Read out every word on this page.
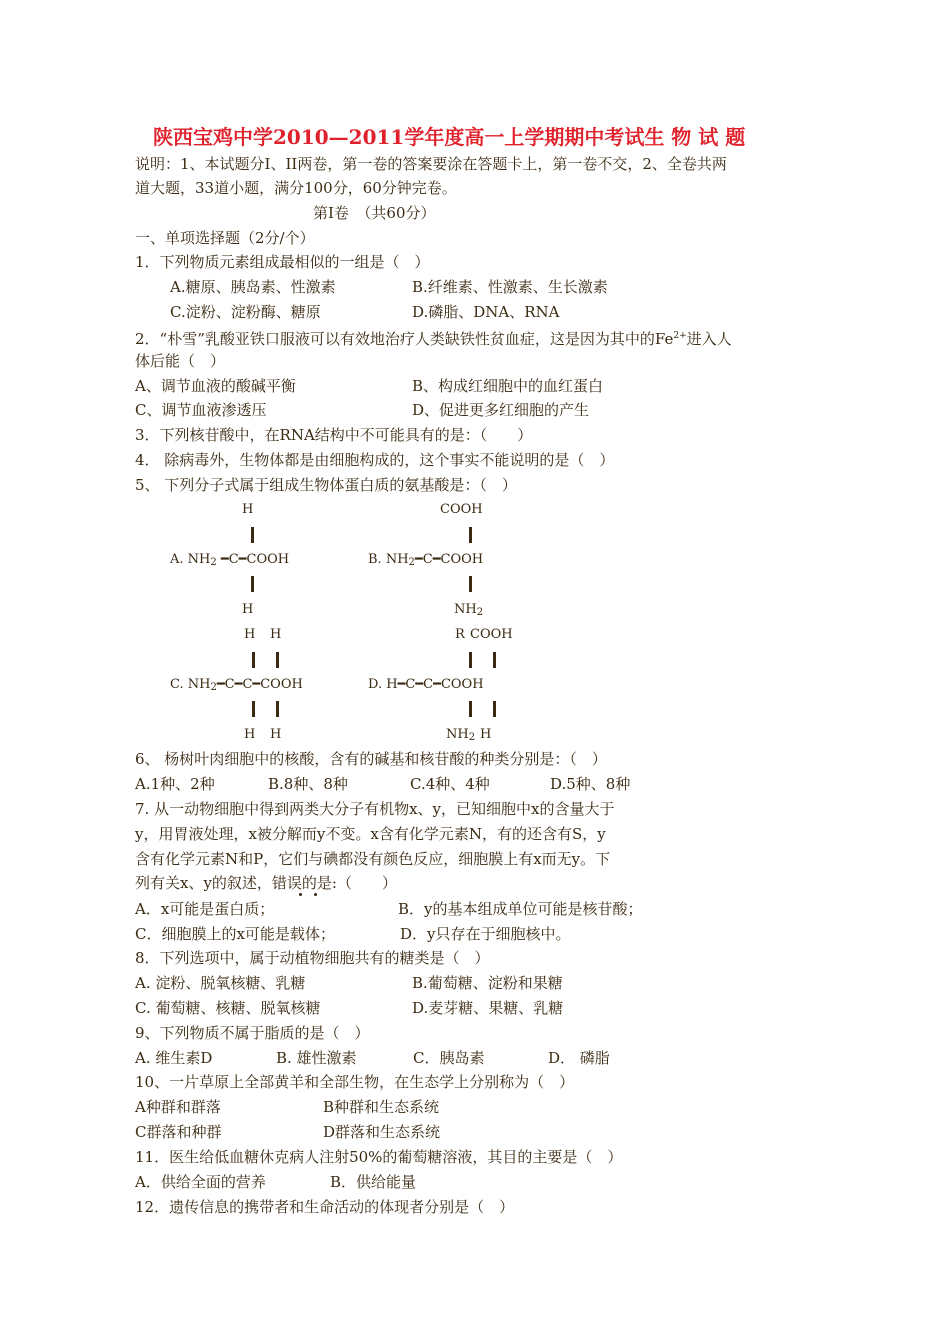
陕西宝鸡中学2010—2011学年度高一上学期期中考试生 物 试 题
说明：1、本试题分I、II两卷，第一卷的答案要涂在答题卡上，第一卷不交，2、全卷共两
道大题，33道小题，满分100分，60分钟完卷。
第I卷　（共60分）
一、单项选择题（2分/个）
1．下列物质元素组成最相似的一组是（　）
A.糖原、胰岛素、性激素	B.纤维素、性激素、生长激素
C.淀粉、淀粉酶、糖原	D.磷脂、DNA、RNA
2．“朴雪”乳酸亚铁口服液可以有效地治疗人类缺铁性贫血症，这是因为其中的$Fe^{2+}$进入人
体后能（　）
A、调节血液的酸碱平衡	B、构成红细胞中的血红蛋白
C、调节血液渗透压	D、促进更多红细胞的产生
3．下列核苷酸中，在RNA结构中不可能具有的是：（　　）
4． 除病毒外，生物体都是由细胞构成的，这个事实不能说明的是（　）
5、 下列分子式属于组成生物体蛋白质的氨基酸是：（　）
H
A. $NH_2$ ━C━COOH
H
COOH
B. $NH_2━C━COOH$
$NH_2$
H H
C. $NH_2━C━C━COOH$
H H
R COOH
D. H━C━C━COOH
$NH_2$ H
6、 杨树叶肉细胞中的核酸，含有的碱基和核苷酸的种类分别是：（　）
A.1种、2种	B.8种、8种	C.4种、4种	D.5种、8种
7. 从一动物细胞中得到两类大分子有机物x、y，已知细胞中x的含量大于
y，用胃液处理，x被分解而y不变。x含有化学元素N，有的还含有S，y
含有化学元素N和P，它们与碘都没有颜色反应，细胞膜上有x而无y。下
列有关x、y的叙述，错误的是:（　　）
A．x可能是蛋白质；	B．y的基本组成单位可能是核苷酸；
C．细胞膜上的x可能是载体；	D．y只存在于细胞核中。
8．下列选项中，属于动植物细胞共有的糖类是（　）
A. 淀粉、脱氧核糖、乳糖	B.葡萄糖、淀粉和果糖
C. 葡萄糖、核糖、脱氧核糖	D.麦芽糖、果糖、乳糖
9、下列物质不属于脂质的是（　）
A. 维生素D	B. 雄性激素	C．胰岛素	D． 磷脂
10、一片草原上全部黄羊和全部生物，在生态学上分别称为（　）
A种群和群落	B种群和生态系统
C群落和种群	D群落和生态系统
11．医生给低血糖休克病人注射50%的葡萄糖溶液，其目的主要是（　）
A．供给全面的营养	B．供给能量
12．遗传信息的携带者和生命活动的体现者分别是（　）
